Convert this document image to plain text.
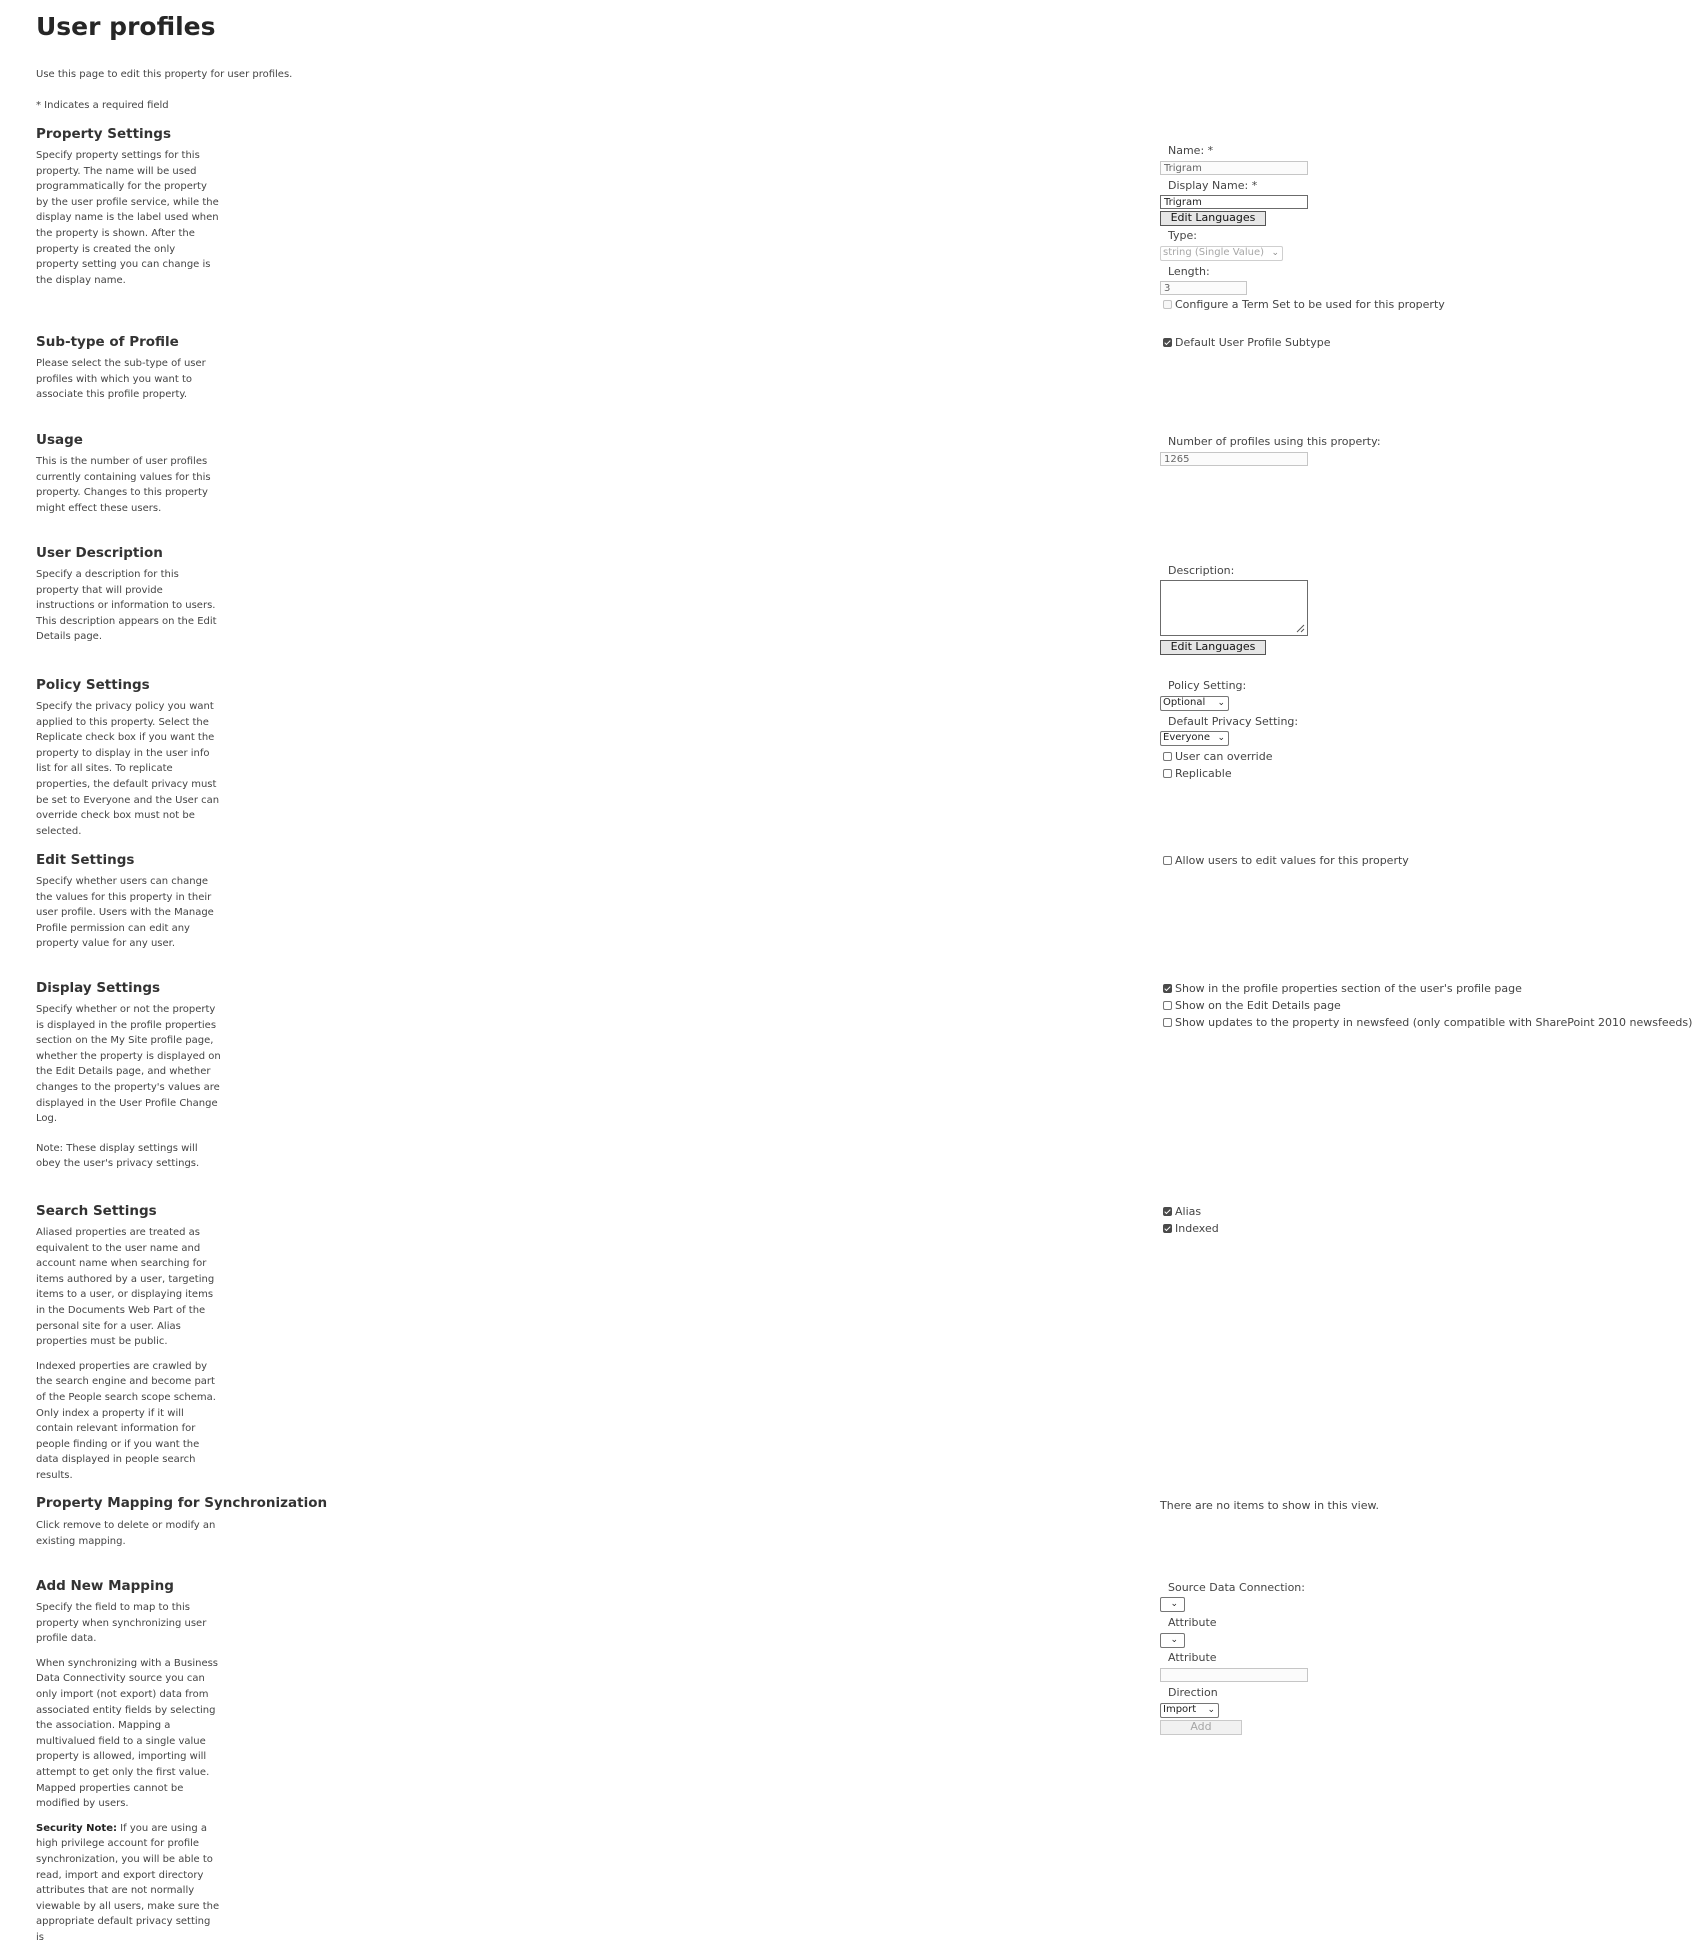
User profiles
Use this page to edit this property for user profiles.
* Indicates a required field
Property Settings

Specify property settings for this property. The name will be used programmatically for the property by the user profile service, while the display name is the label used when the property is shown. After the property is created the only property setting you can change is the display name.

Name: *
Trigram
Display Name: *
Trigram
Edit Languages
Type:
string (Single Value) ⌄
Length:
3
Configure a Term Set to be used for this property
Sub-type of Profile

Please select the sub-type of user profiles with which you want to associate this profile property.

Default User Profile Subtype
Usage

This is the number of user profiles currently containing values for this property. Changes to this property might effect these users.

Number of profiles using this property:
1265
User Description

Specify a description for this property that will provide instructions or information to users. This description appears on the Edit Details page.

Description:
Edit Languages
Policy Settings

Specify the privacy policy you want applied to this property. Select the Replicate check box if you want the property to display in the user info list for all sites. To replicate properties, the default privacy must be set to Everyone and the User can override check box must not be selected.

Policy Setting:
Optional ⌄
Default Privacy Setting:
Everyone ⌄
User can override
Replicable
Edit Settings

Specify whether users can change the values for this property in their user profile. Users with the Manage Profile permission can edit any property value for any user.

Allow users to edit values for this property
Display Settings

Specify whether or not the property is displayed in the profile properties section on the My Site profile page, whether the property is displayed on the Edit Details page, and whether changes to the property's values are displayed in the User Profile Change Log.

Note: These display settings will obey the user's privacy settings.

Show in the profile properties section of the user's profile page
Show on the Edit Details page
Show updates to the property in newsfeed (only compatible with SharePoint 2010 newsfeeds)
Search Settings

Aliased properties are treated as equivalent to the user name and account name when searching for items authored by a user, targeting items to a user, or displaying items in the Documents Web Part of the personal site for a user. Alias properties must be public.

Indexed properties are crawled by the search engine and become part of the People search scope schema. Only index a property if it will contain relevant information for people finding or if you want the data displayed in people search results.

Alias
Indexed
Property Mapping for Synchronization

Click remove to delete or modify an existing mapping.

There are no items to show in this view.
Add New Mapping

Specify the field to map to this property when synchronizing user profile data.

When synchronizing with a Business Data Connectivity source you can only import (not export) data from associated entity fields by selecting the association. Mapping a multivalued field to a single value property is allowed, importing will attempt to get only the first value. Mapped properties cannot be modified by users.

Security Note: If you are using a high privilege account for profile synchronization, you will be able to read, import and export directory attributes that are not normally viewable by all users, make sure the appropriate default privacy setting is

Source Data Connection:
⌄
Attribute
⌄
Attribute
Direction
Import ⌄
Add
